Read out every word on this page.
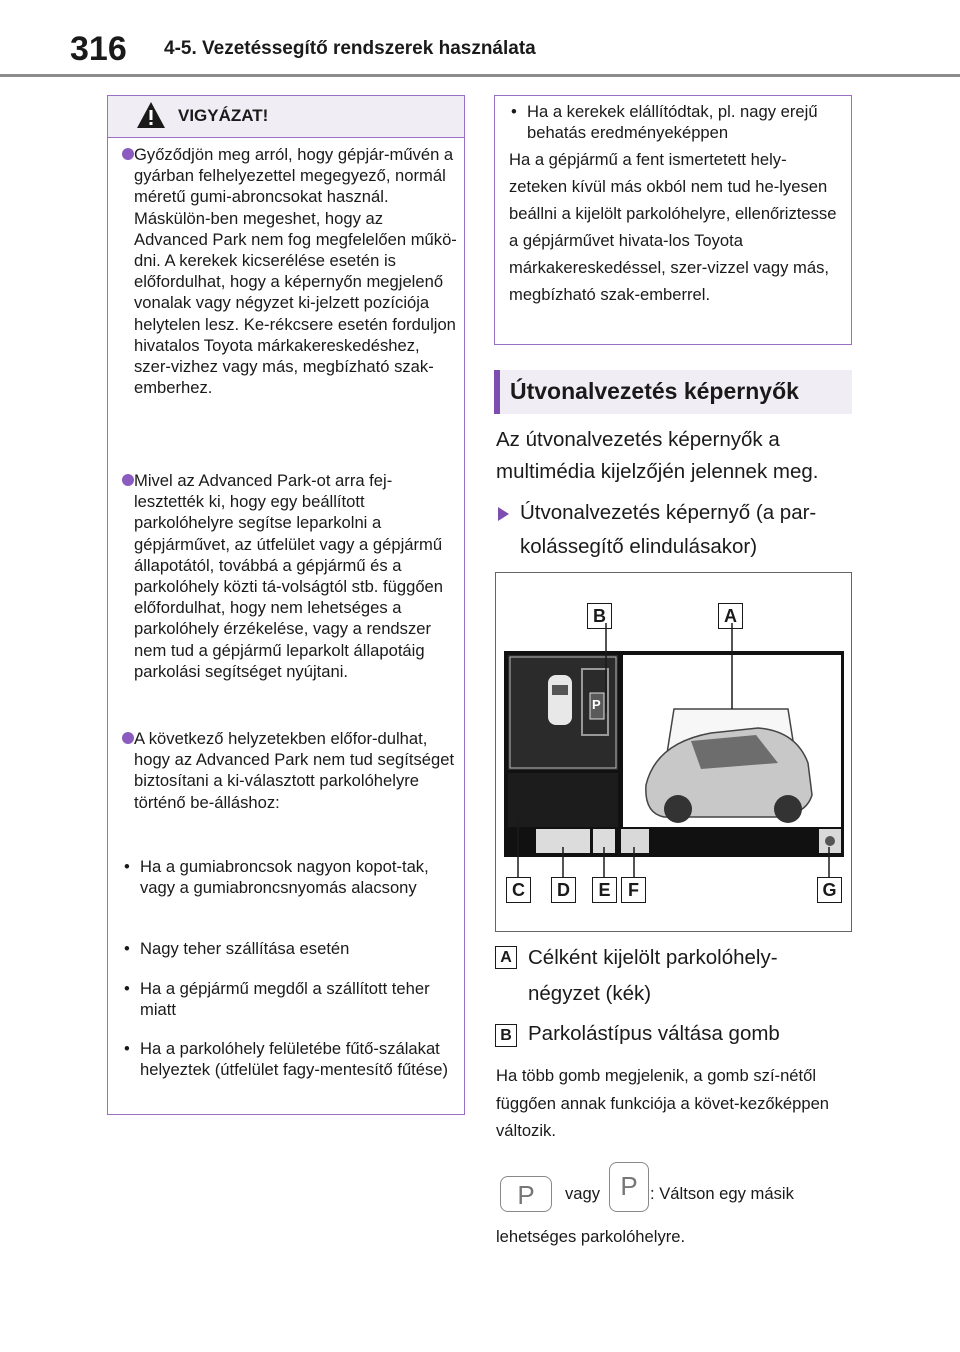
316 4-5. Vezetéssegítő rendszerek használata
VIGYÁZAT!
Győződjön meg arról, hogy gépjár-művén a gyárban felhelyezettel megegyező, normál méretű gumi-abroncsokat használ. Máskülön-ben megeshet, hogy az Advanced Park nem fog megfelelően műkö-dni. A kerekek kicserélése esetén is előfordulhat, hogy a képernyőn megjelenő vonalak vagy négyzet ki-jelzett pozíciója helytelen lesz. Ke-rékcsere esetén forduljon hivatalos Toyota márkakereskedéshez, szer-vizhez vagy más, megbízható szak-emberhez.
Mivel az Advanced Park-ot arra fej-lesztették ki, hogy egy beállított parkolóhelyre segítse leparkolni a gépjárművet, az útfelület vagy a gépjármű állapotától, továbbá a gépjármű és a parkolóhely közti tá-volságtól stb. függően előfordulhat, hogy nem lehetséges a parkolóhely érzékelése, vagy a rendszer nem tud a gépjármű leparkolt állapotáig parkolási segítséget nyújtani.
A következő helyzetekben előfor-dulhat, hogy az Advanced Park nem tud segítséget biztosítani a ki-választott parkolóhelyre történő be-álláshoz:
• Ha a gumiabroncsok nagyon kopot-tak, vagy a gumiabroncsnyomás alacsony
• Nagy teher szállítása esetén
• Ha a gépjármű megdől a szállított teher miatt
• Ha a parkolóhely felületébe fűtő-szálakat helyeztek (útfelület fagy-mentesítő fűtése)
• Ha a kerekek elállítódtak, pl. nagy erejű behatás eredményeképpen
Ha a gépjármű a fent ismertetett hely-zeteken kívül más okból nem tud he-lyesen beállni a kijelölt parkolóhelyre, ellenőriztesse a gépjárművet hivata-los Toyota márkakereskedéssel, szer-vizzel vagy más, megbízható szak-emberrel.
Útvonalvezetés képernyők
Az útvonalvezetés képernyők a multimédia kijelzőjén jelennek meg.
Útvonalvezetés képernyő (a par-kolássegítő elindulásakor)
B	A
C	D	E F	G
P
A Célként kijelölt parkolóhely-
négyzet (kék)
B Parkolástípus váltása gomb
Ha több gomb megjelenik, a gomb szí-nétől függően annak funkciója a követ-kezőképpen változik.
P	vagy P : Váltson egy másik
lehetséges parkolóhelyre.
